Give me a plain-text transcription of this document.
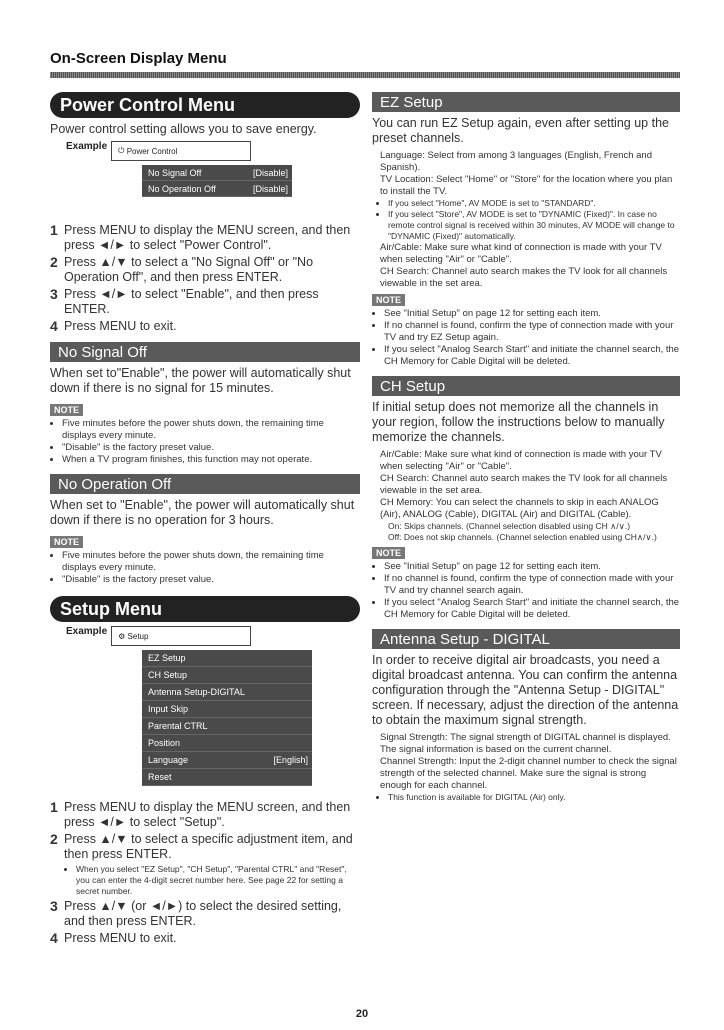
On-Screen Display Menu
Power Control Menu
Power control setting allows you to save energy.
Example ⏻ Power Control
No Signal Off	[Disable]
No Operation Off	[Disable]
1 Press MENU to display the MENU screen, and then press ◄/► to select "Power Control".
2 Press ▲/▼ to select a "No Signal Off" or "No Operation Off", and then press ENTER.
3 Press ◄/► to select "Enable", and then press ENTER.
4 Press MENU to exit.
No Signal Off
When set to"Enable", the power will automatically shut down if there is no signal for 15 minutes.
NOTE
• Five minutes before the power shuts down, the remaining time displays every minute.
• "Disable" is the factory preset value.
• When a TV program finishes, this function may not operate.
No Operation Off
When set to "Enable", the power will automatically shut down if there is no operation for 3 hours.
NOTE
• Five minutes before the power shuts down, the remaining time displays every minute.
• "Disable" is the factory preset value.
Setup Menu
Example ⚙ Setup
EZ Setup
CH Setup
Antenna Setup-DIGITAL
Input Skip
Parental CTRL
Position
Language	[English]
Reset
1 Press MENU to display the MENU screen, and then press ◄/► to select "Setup".
2 Press ▲/▼ to select a specific adjustment item, and then press ENTER.
• When you select "EZ Setup", "CH Setup", "Parental CTRL" and "Reset", you can enter the 4-digit secret number here. See page 22 for setting a secret number.
3 Press ▲/▼ (or ◄/►) to select the desired setting, and then press ENTER.
4 Press MENU to exit.
EZ Setup
You can run EZ Setup again, even after setting up the preset channels.
Language: Select from among 3 languages (English, French and Spanish).
TV Location: Select "Home" or "Store" for the location where you plan to install the TV.
• If you select "Home", AV MODE is set to "STANDARD".
• If you select "Store", AV MODE is set to "DYNAMIC (Fixed)". In case no remote control signal is received within 30 minutes, AV MODE will change to "DYNAMIC (Fixed)" automatically.
Air/Cable: Make sure what kind of connection is made with your TV when selecting "Air" or "Cable".
CH Search: Channel auto search makes the TV look for all channels viewable in the set area.
NOTE
• See "Initial Setup" on page 12 for setting each item.
• If no channel is found, confirm the type of connection made with your TV and try EZ Setup again.
• If you select "Analog Search Start" and initiate the channel search, the CH Memory for Cable Digital will be deleted.
CH Setup
If initial setup does not memorize all the channels in your region, follow the instructions below to manually memorize the channels.
Air/Cable: Make sure what kind of connection is made with your TV when selecting "Air" or "Cable".
CH Search: Channel auto search makes the TV look for all channels viewable in the set area.
CH Memory: You can select the channels to skip in each ANALOG (Air), ANALOG (Cable), DIGITAL (Air) and DIGITAL (Cable).
On: Skips channels. (Channel selection disabled using CH ∧/∨.)
Off: Does not skip channels. (Channel selection enabled using CH∧/∨.)
NOTE
• See "Initial Setup" on page 12 for setting each item.
• If no channel is found, confirm the type of connection made with your TV and try channel search again.
• If you select "Analog Search Start" and initiate the channel search, the CH Memory for Cable Digital will be deleted.
Antenna Setup - DIGITAL
In order to receive digital air broadcasts, you need a digital broadcast antenna. You can confirm the antenna configuration through the "Antenna Setup - DIGITAL" screen. If necessary, adjust the direction of the antenna to obtain the maximum signal strength.
Signal Strength: The signal strength of DIGITAL channel is displayed. The signal information is based on the current channel.
Channel Strength: Input the 2-digit channel number to check the signal strength of the selected channel. Make sure the signal is strong enough for each channel.
• This function is available for DIGITAL (Air) only.
20
